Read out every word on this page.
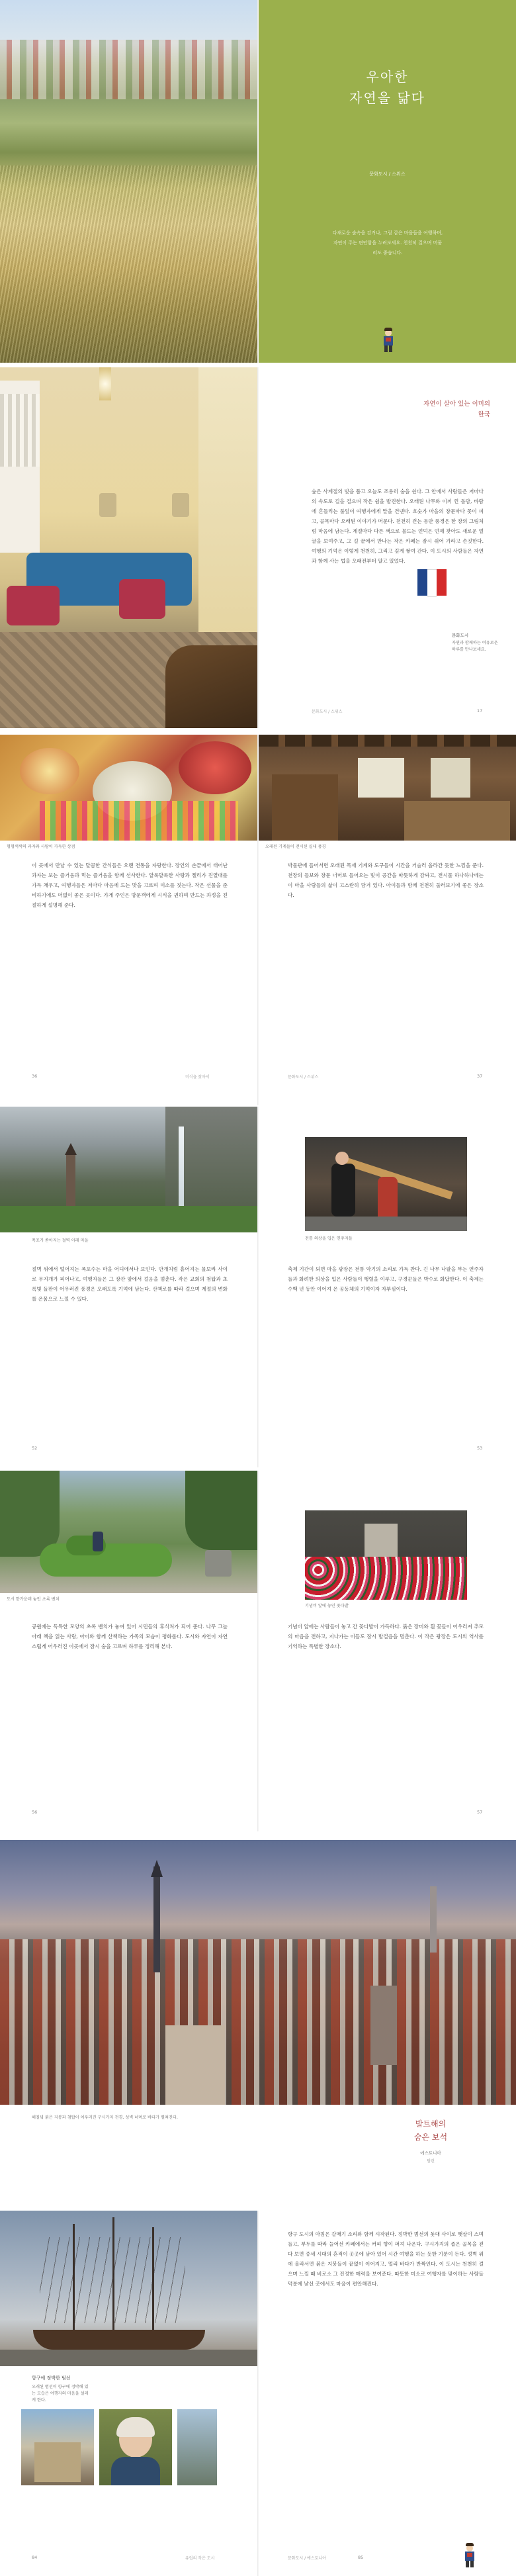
우아한
자연을 닮다
문화도시 / 스위스
다채로운 숲속을 걷거나, 그림 같은 마을들을 여행하며, 자연이 주는 편안함을 누려보세요. 천천히 걸으며 머물러도 좋습니다.
자연이 살아 있는 이미의 한국
숲은 사계절의 빛을 품고 오늘도 조용히 숨을 쉰다. 그 안에서 사람들은 저마다의 속도로 길을 걸으며 작은 쉼을 발견한다. 오래된 나무와 이끼 낀 돌담, 바람에 흔들리는 풀잎이 여행자에게 말을 건넨다. 호숫가 마을의 창문마다 꽃이 피고, 골목마다 오래된 이야기가 머문다. 천천히 걷는 동안 풍경은 한 장의 그림처럼 마음에 남는다. 계절마다 다른 색으로 물드는 언덕은 언제 찾아도 새로운 얼굴을 보여주고, 그 길 끝에서 만나는 작은 카페는 잠시 쉬어 가라고 손짓한다. 여행의 기억은 이렇게 천천히, 그리고 깊게 쌓여 간다. 이 도시의 사람들은 자연과 함께 사는 법을 오래전부터 알고 있었다.
문화도시
자연과 함께하는 여유로운 하루를 만나보세요.
문화도시 / 스위스	17
형형색색의 과자와 사탕이 가득한 상점
이 곳에서 만날 수 있는 달콤한 간식들은 오랜 전통을 자랑한다. 장인의 손끝에서 태어난 과자는 보는 즐거움과 먹는 즐거움을 함께 선사한다. 알록달록한 사탕과 젤리가 진열대를 가득 채우고, 여행자들은 저마다 마음에 드는 맛을 고르며 미소를 짓는다. 작은 선물을 준비하기에도 더없이 좋은 곳이다. 가게 주인은 방문객에게 시식을 권하며 만드는 과정을 친절하게 설명해 준다.
36	미식을 찾아서
오래된 기계들이 전시된 실내 풍경
박물관에 들어서면 오래된 목재 기계와 도구들이 시간을 거슬러 올라간 듯한 느낌을 준다. 천장의 들보와 창문 너머로 들어오는 빛이 공간을 따뜻하게 감싸고, 전시물 하나하나에는 이 마을 사람들의 삶이 고스란히 담겨 있다. 아이들과 함께 천천히 둘러보기에 좋은 장소다.
문화도시 / 스위스	37
폭포가 쏟아지는 절벽 아래 마을
절벽 위에서 떨어지는 폭포수는 마을 어디에서나 보인다. 안개처럼 흩어지는 물보라 사이로 무지개가 피어나고, 여행자들은 그 장관 앞에서 걸음을 멈춘다. 작은 교회의 첨탑과 초록빛 들판이 어우러진 풍경은 오래도록 기억에 남는다. 산책로를 따라 걸으며 계절의 변화를 온몸으로 느낄 수 있다.
52
전통 의상을 입은 연주자들
축제 기간이 되면 마을 광장은 전통 악기의 소리로 가득 찬다. 긴 나무 나팔을 부는 연주자들과 화려한 의상을 입은 사람들이 행렬을 이루고, 구경꾼들은 박수로 화답한다. 이 축제는 수백 년 동안 이어져 온 공동체의 기억이자 자부심이다.
53
도시 한가운데 놓인 초록 벤치
공원에는 독특한 모양의 초록 벤치가 놓여 있어 시민들의 휴식처가 되어 준다. 나무 그늘 아래 책을 읽는 사람, 아이와 함께 산책하는 가족의 모습이 평화롭다. 도시와 자연이 자연스럽게 어우러진 이곳에서 잠시 숨을 고르며 하루를 정리해 본다.
56
기념비 앞에 놓인 꽃다발
기념비 앞에는 사람들이 놓고 간 꽃다발이 가득하다. 붉은 장미와 흰 꽃들이 어우러져 추모의 마음을 전하고, 지나가는 이들도 잠시 발걸음을 멈춘다. 이 작은 광장은 도시의 역사를 기억하는 특별한 장소다.
57
해질녘 붉은 지붕과 첨탑이 어우러진 구시가지 전경. 성벽 너머로 바다가 펼쳐진다.
발트해의
숨은 보석
에스토니아
탈린
항구에 정박한 범선
오래된 범선이 항구에 정박해 있는 모습은 여행자의 마음을 설레게 한다.
84	유럽의 작은 도시
항구 도시의 아침은 갈매기 소리와 함께 시작된다. 정박한 범선의 돛대 사이로 햇살이 스며들고, 부두를 따라 늘어선 카페에서는 커피 향이 퍼져 나온다. 구시가지의 좁은 골목을 걷다 보면 중세 시대의 흔적이 곳곳에 남아 있어 시간 여행을 하는 듯한 기분이 든다. 성벽 위에 올라서면 붉은 지붕들이 끝없이 이어지고, 멀리 바다가 반짝인다. 이 도시는 천천히 걸으며 느낄 때 비로소 그 진정한 매력을 보여준다. 따뜻한 미소로 여행자를 맞이하는 사람들 덕분에 낯선 곳에서도 마음이 편안해진다.
문화도시 / 에스토니아	85
